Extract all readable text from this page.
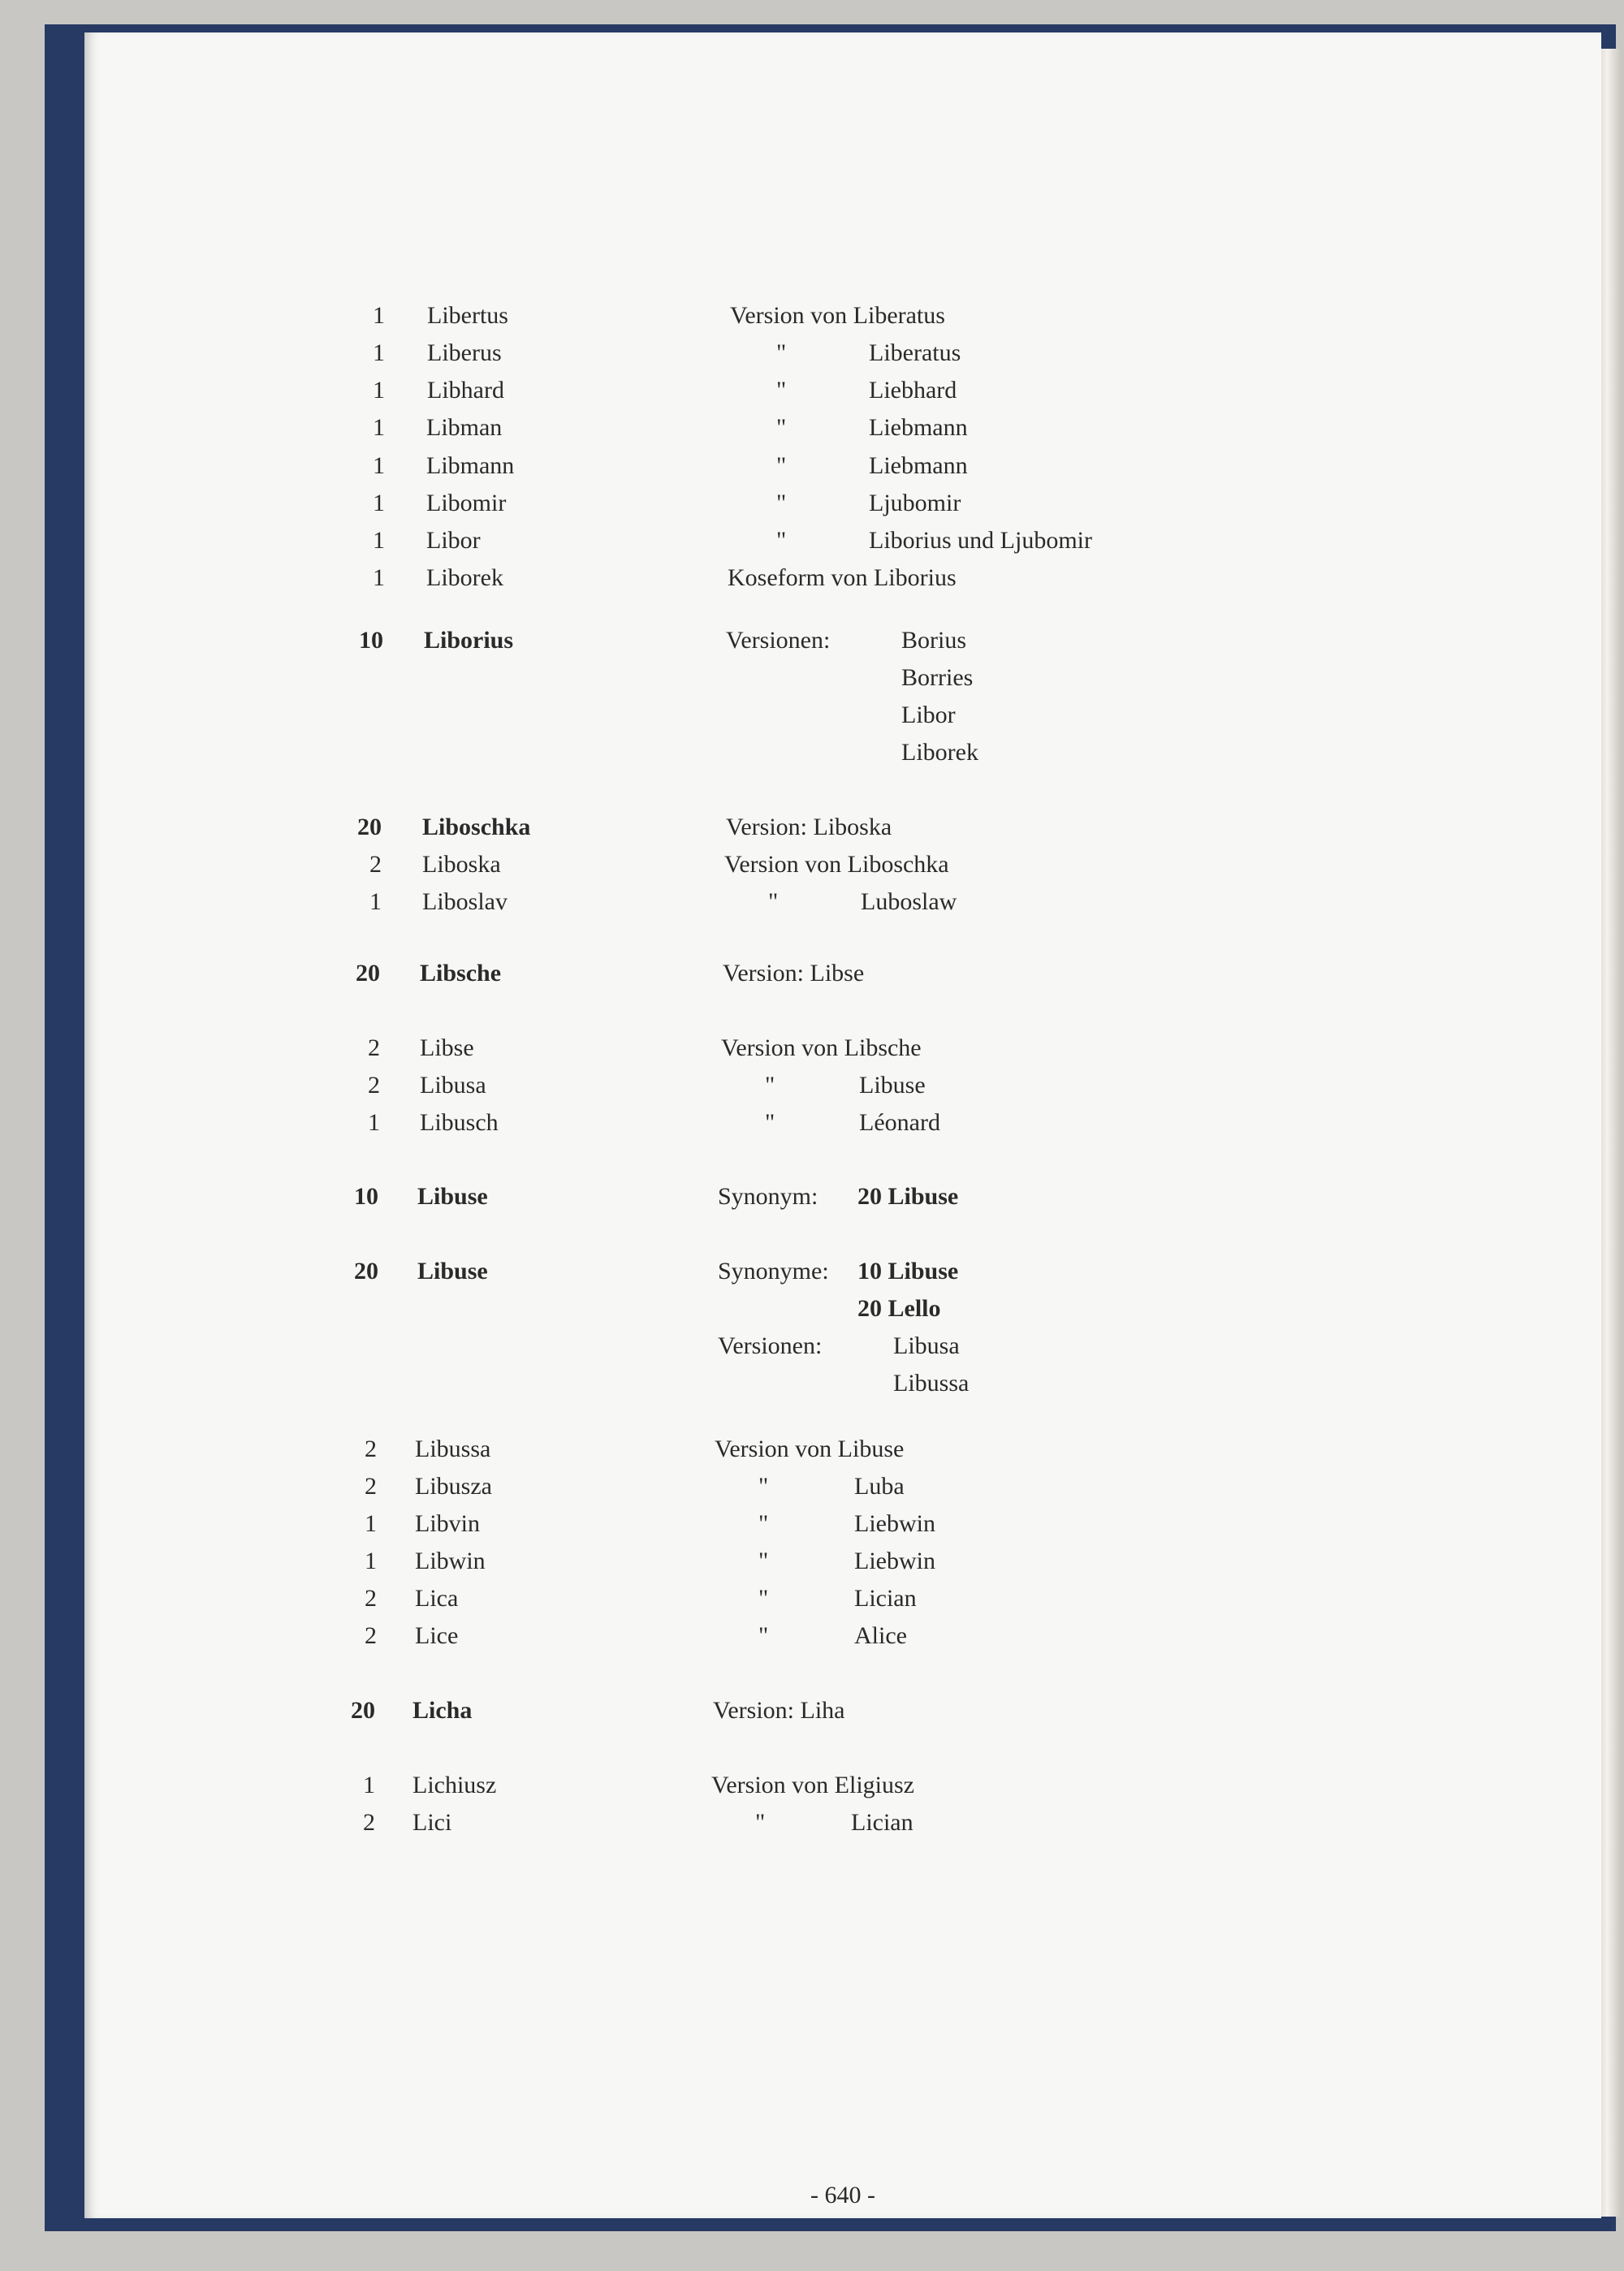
1 Libertus	Version von Liberatus
1 Liberus	"	Liberatus
1 Libhard	"	Liebhard
1 Libman	"	Liebmann
1 Libmann	"	Liebmann
1 Libomir	"	Ljubomir
1 Libor	"	Liborius und Ljubomir
1 Liborek	Koseform von Liborius
10 Liborius	Versionen:	Borius
Borries
Libor
Liborek
20 Liboschka	Version: Liboska
2 Liboska	Version von Liboschka
1 Liboslav	"	Luboslaw
20 Libsche	Version: Libse
2 Libse	Version von Libsche
2 Libusa	"	Libuse
1 Libusch	"	Léonard
10 Libuse	Synonym: 20 Libuse
20 Libuse	Synonyme: 10 Libuse
20 Lello
Versionen:	Libusa
Libussa
2 Libussa	Version von Libuse
2 Libusza	"	Luba
1 Libvin	"	Liebwin
1 Libwin	"	Liebwin
2 Lica	"	Lician
2 Lice	"	Alice
20 Licha	Version: Liha
1 Lichiusz	Version von Eligiusz
2 Lici	"	Lician
- 640 -
